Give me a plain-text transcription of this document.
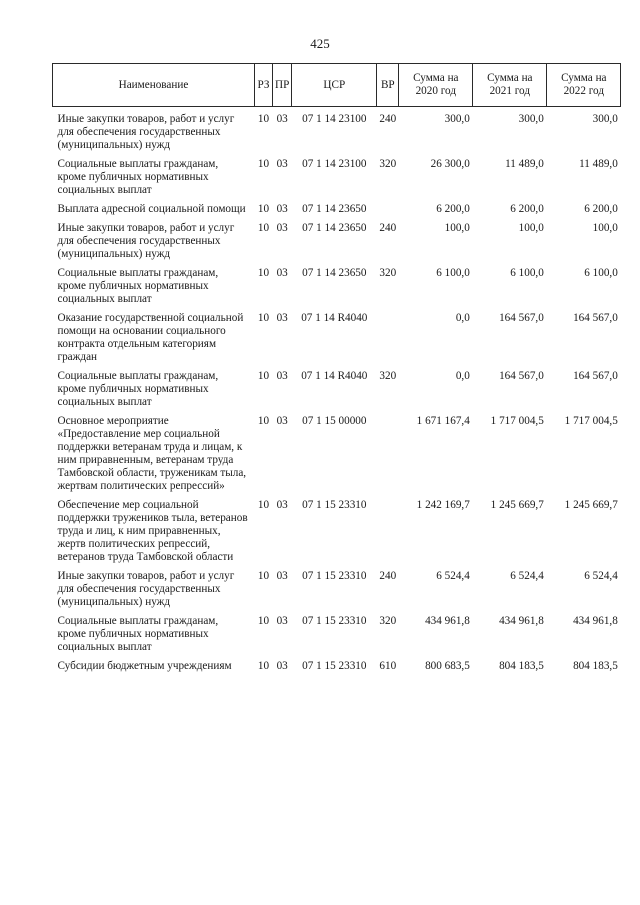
425
Наименование	РЗ	ПР	ЦСР	ВР	Сумма на 2020 год	Сумма на 2021 год	Сумма на 2022 год
Иные закупки товаров, работ и услуг для обеспечения государственных (муниципальных) нужд	10	03	07 1 14 23100	240	300,0	300,0	300,0
Социальные выплаты гражданам, кроме публичных нормативных социальных выплат	10	03	07 1 14 23100	320	26 300,0	11 489,0	11 489,0
Выплата адресной социальной помощи	10	03	07 1 14 23650		6 200,0	6 200,0	6 200,0
Иные закупки товаров, работ и услуг для обеспечения государственных (муниципальных) нужд	10	03	07 1 14 23650	240	100,0	100,0	100,0
Социальные выплаты гражданам, кроме публичных нормативных социальных выплат	10	03	07 1 14 23650	320	6 100,0	6 100,0	6 100,0
Оказание государственной социальной помощи на основании социального контракта отдельным категориям граждан	10	03	07 1 14 R4040		0,0	164 567,0	164 567,0
Социальные выплаты гражданам, кроме публичных нормативных социальных выплат	10	03	07 1 14 R4040	320	0,0	164 567,0	164 567,0
Основное мероприятие «Предоставление мер социальной поддержки ветеранам труда и лицам, к ним приравненным, ветеранам труда Тамбовской области, труженикам тыла, жертвам политических репрессий»	10	03	07 1 15 00000		1 671 167,4	1 717 004,5	1 717 004,5
Обеспечение мер социальной поддержки тружеников тыла, ветеранов труда и лиц, к ним приравненных, жертв политических репрессий, ветеранов труда Тамбовской области	10	03	07 1 15 23310		1 242 169,7	1 245 669,7	1 245 669,7
Иные закупки товаров, работ и услуг для обеспечения государственных (муниципальных) нужд	10	03	07 1 15 23310	240	6 524,4	6 524,4	6 524,4
Социальные выплаты гражданам, кроме публичных нормативных социальных выплат	10	03	07 1 15 23310	320	434 961,8	434 961,8	434 961,8
Субсидии бюджетным учреждениям	10	03	07 1 15 23310	610	800 683,5	804 183,5	804 183,5
